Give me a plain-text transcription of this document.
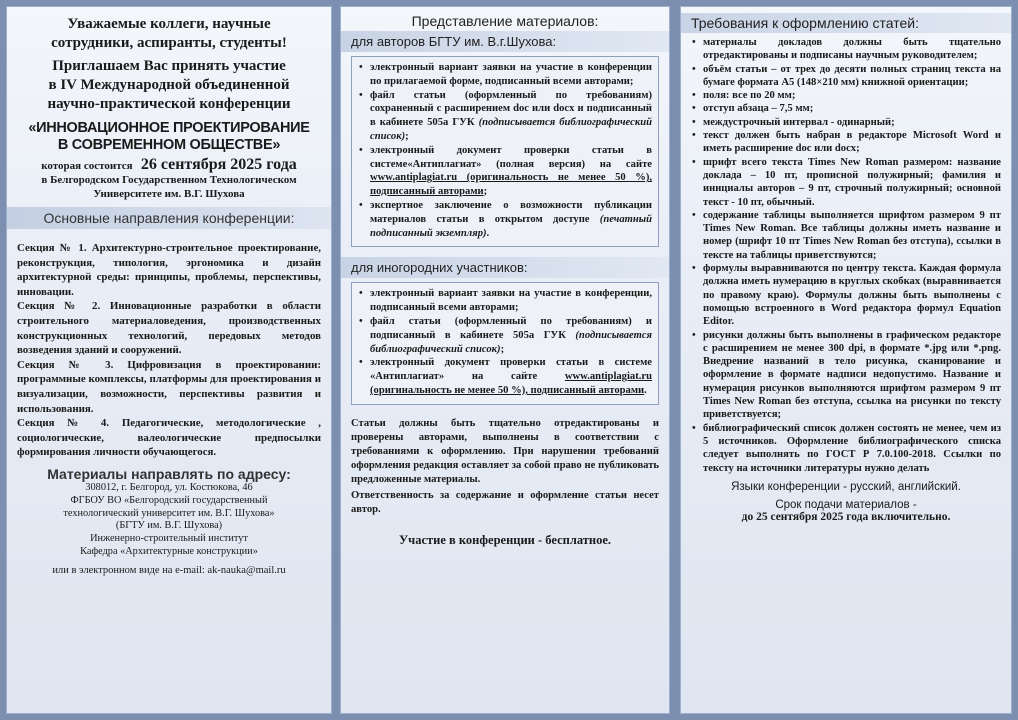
Уважаемые коллеги, научные
сотрудники, аспиранты, студенты!
Приглашаем Вас принять участие
в IV Международной объединенной
научно-практической конференции
«ИННОВАЦИОННОЕ ПРОЕКТИРОВАНИЕ
В СОВРЕМЕННОМ ОБЩЕСТВЕ»
которая состоится 26 сентября 2025 года
в Белгородском Государственном Технологическом
Университете им. В.Г. Шухова
Основные направления конференции:
Секция № 1. Архитектурно-строительное проектирование, реконструкция, типология, эргономика и дизайн архитектурной среды: принципы, проблемы, перспективы, инновации.
Секция № 2. Инновационные разработки в области строительного материаловедения, производственных конструкционных технологий, передовых методов возведения зданий и сооружений.
Секция № 3. Цифровизация в проектировании: программные комплексы, платформы для проектирования и визуализации, возможности, перспективы развития и использования.
Секция № 4. Педагогические, методологические , социологические, валеологические предпосылки формирования личности обучающегося.
Материалы направлять по адресу:
308012, г. Белгород, ул. Костюкова, 46
ФГБОУ ВО «Белгородский государственный
технологический университет им. В.Г. Шухова»
(БГТУ им. В.Г. Шухова)
Инженерно-строительный институт
Кафедра «Архитектурные конструкции»
или в электронном виде на e-mail: ak-nauka@mail.ru
Представление материалов:
для авторов БГТУ им. В.г.Шухова:
• электронный вариант заявки на участие в конференции по прилагаемой форме, подписанный всеми авторами;
• файл статьи (оформленный по требованиям) сохраненный с расширением doc или docx и подписанный в кабинете 505а ГУК (подписывается библиографический список);
• электронный документ проверки статьи в системе«Антиплагиат» (полная версия) на сайте www.antiplagiat.ru (оригинальность не менее 50 %), подписанный авторами;
• экспертное заключение о возможности публикации материалов статьи в открытом доступе (печатный подписанный экземпляр).
для иногородних участников:
• электронный вариант заявки на участие в конференции, подписанный всеми авторами;
• файл статьи (оформленный по требованиям) и подписанный в кабинете 505а ГУК (подписывается библиографический список);
• электронный документ проверки статьи в системе «Антиплагиат» на сайте www.antiplagiat.ru (оригинальность не менее 50 %), подписанный авторами.
Статьи должны быть тщательно отредактированы и проверены авторами, выполнены в соответствии с требованиями к оформлению. При нарушении требований оформления редакция оставляет за собой право не публиковать предложенные материалы.
Ответственность за содержание и оформление статьи несет автор.
Участие в конференции - бесплатное.
Требования к оформлению статей:
• материалы докладов должны быть тщательно отредактированы и подписаны научным руководителем;
• объём статьи – от трех до десяти полных страниц текста на бумаге формата А5 (148×210 мм) книжной ориентации;
• поля: все по 20 мм;
• отступ абзаца – 7,5 мм;
• междустрочный интервал - одинарный;
• текст должен быть набран в редакторе Microsoft Word и иметь расширение doc или docx;
• шрифт всего текста Times New Roman размером: название доклада – 10 пт, прописной полужирный; фамилия и инициалы авторов – 9 пт, строчный полужирный; основной текст - 10 пт, обычный.
• содержание таблицы выполняется шрифтом размером 9 пт Times New Roman. Все таблицы должны иметь название и номер (шрифт 10 пт Times New Roman без отступа), ссылки в тексте на таблицы приветствуются;
• формулы выравниваются по центру текста. Каждая формула должна иметь нумерацию в круглых скобках (выравнивается по правому краю). Формулы должны быть выполнены с помощью встроенного в Word редактора формул Equation Editor.
• рисунки должны быть выполнены в графическом редакторе с расширением не менее 300 dpi, в формате *.jpg или *.png. Внедрение названий в тело рисунка, сканирование и оформление в формате надписи недопустимо. Название и нумерация рисунков выполняются шрифтом размером 9 пт Times New Roman без отступа, ссылка на рисунки по тексту приветствуется;
• библиографический список должен состоять не менее, чем из 5 источников. Оформление библиографического списка следует выполнять по ГОСТ Р 7.0.100-2018. Ссылки по тексту на источники литературы нужно делать
Языки конференции - русский, английский.
Срок подачи материалов -
до 25 сентября 2025 года включительно.
